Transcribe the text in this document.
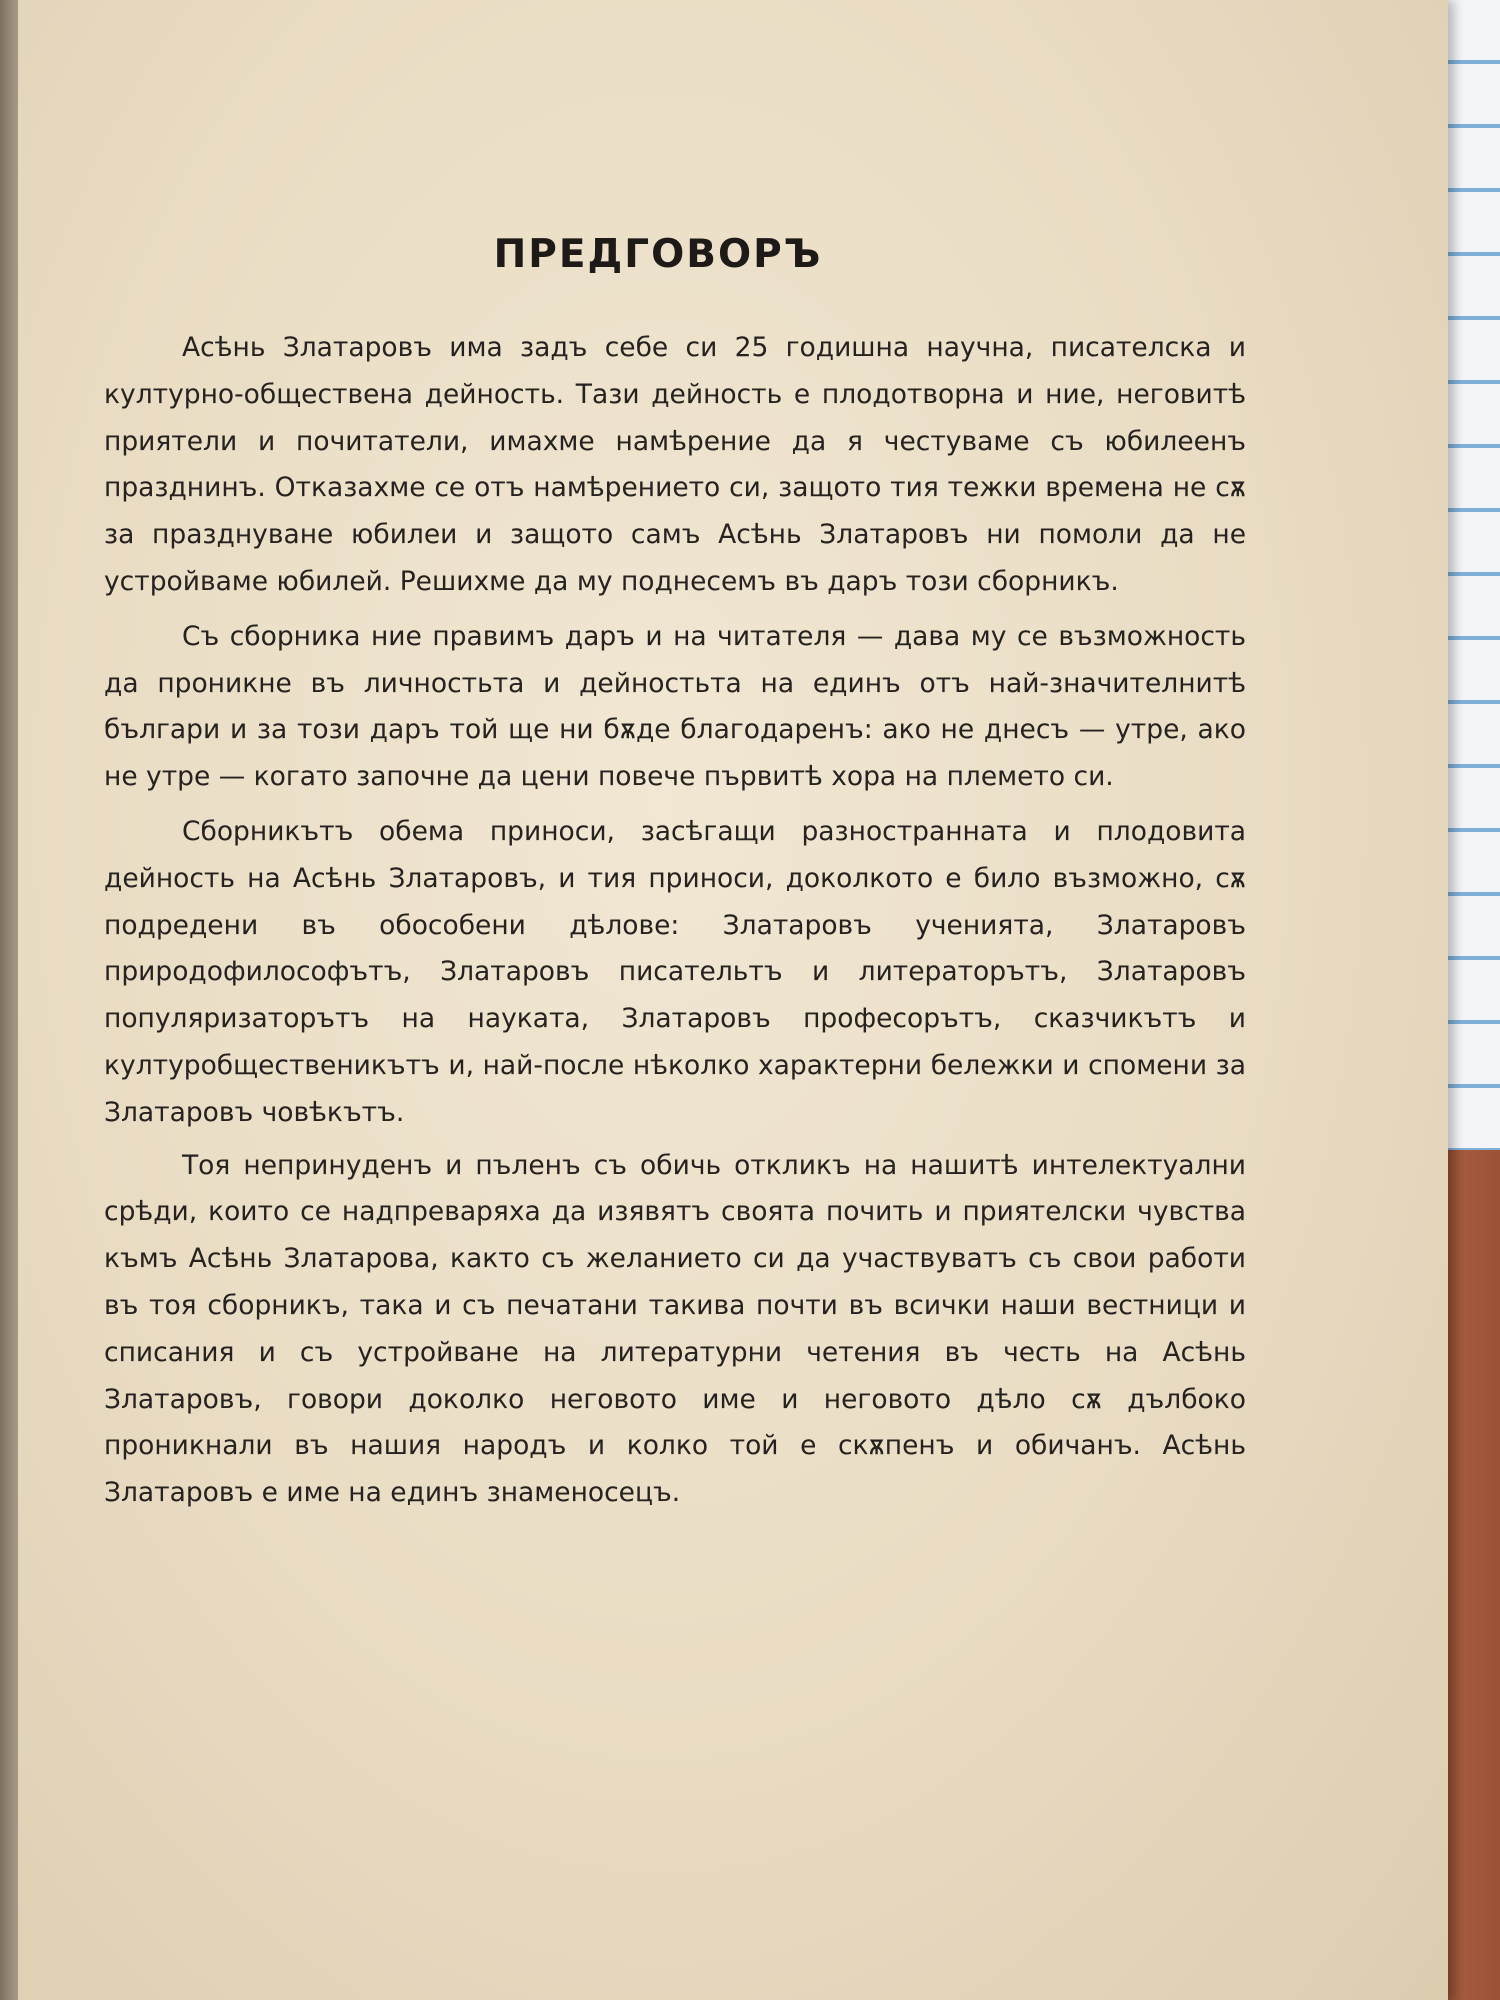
ПРЕДГОВОРЪ

Асѣнь Златаровъ има задъ себе си 25 годишна научна, писателска и културно-обществена дейность. Тази дейность е плодотворна и ние, неговитѣ приятели и почитатели, имахме намѣрение да я честуваме съ юбилеенъ празднинъ. Отказахме се отъ намѣрението си, защото тия тежки времена не сѫ за празднуване юбилеи и защото самъ Асѣнь Златаровъ ни помоли да не устройваме юбилей. Решихме да му поднесемъ въ даръ този сборникъ.

Съ сборника ние правимъ даръ и на читателя — дава му се възможность да проникне въ личностьта и дейностьта на единъ отъ най-значителнитѣ българи и за този даръ той ще ни бѫде благодаренъ: ако не днесъ — утре, ако не утре — когато започне да цени повече първитѣ хора на племето си.

Сборникътъ обема приноси, засѣгащи разностранната и плодовита дейность на Асѣнь Златаровъ, и тия приноси, доколкото е било възможно, сѫ подредени въ обособени дѣлове: Златаровъ ученията, Златаровъ природофилософътъ, Златаровъ писательтъ и литераторътъ, Златаровъ популяризаторътъ на науката, Златаровъ професорътъ, сказчикътъ и културобщественикътъ и, най-после нѣколко характерни бележки и спомени за Златаровъ човѣкътъ.

Тоя непринуденъ и пъленъ съ обичь откликъ на нашитѣ интелектуални срѣди, които се надпреваряха да изявятъ своята почить и приятелски чувства къмъ Асѣнь Златарова, както съ желанието си да участвуватъ съ свои работи въ тоя сборникъ, така и съ печатани такива почти въ всички наши вестници и списания и съ устройване на литературни четения въ честь на Асѣнь Златаровъ, говори доколко неговото име и неговото дѣло сѫ дълбоко проникнали въ нашия народъ и колко той е скѫпенъ и обичанъ. Асѣнь Златаровъ е име на единъ знаменосецъ.
